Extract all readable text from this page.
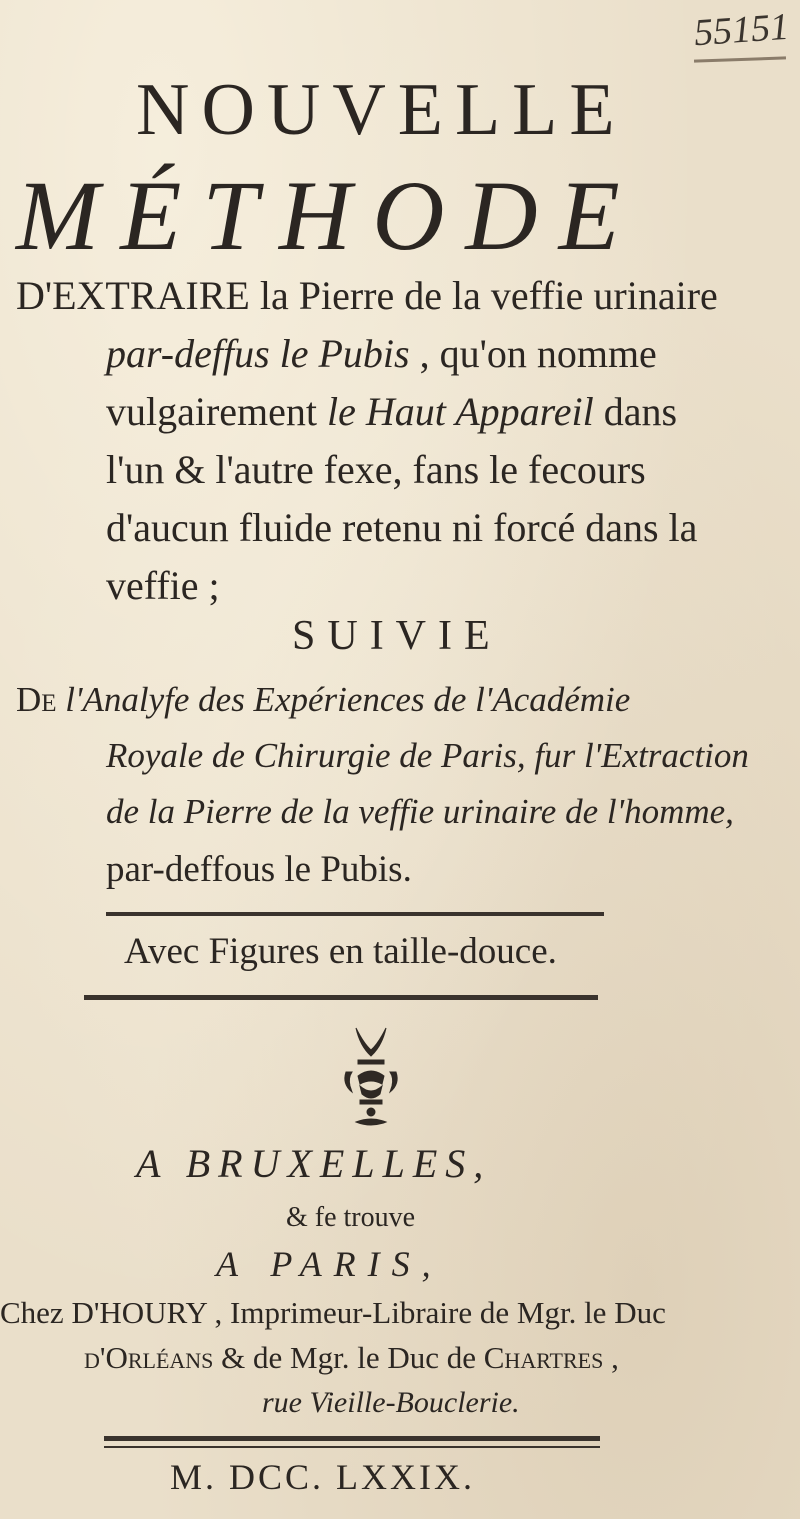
55151
NOUVELLE
MÉTHODE
D'EXTRAIRE la Pierre de la veffie urinaire
par-deffus le Pubis , qu'on nomme
vulgairement le Haut Appareil dans
l'un & l'autre fexe, fans le fecours
d'aucun fluide retenu ni forcé dans la
veffie ;
SUIVIE
De l'Analyfe des Expériences de l'Académie
Royale de Chirurgie de Paris, fur l'Extraction
de la Pierre de la veffie urinaire de l'homme,
par-deffous le Pubis.
Avec Figures en taille-douce.
A BRUXELLES,
& fe trouve
A PARIS,
Chez D'HOURY , Imprimeur-Libraire de Mgr. le Duc
d'Orléans & de Mgr. le Duc de Chartres ,
rue Vieille-Bouclerie.
M. DCC. LXXIX.
